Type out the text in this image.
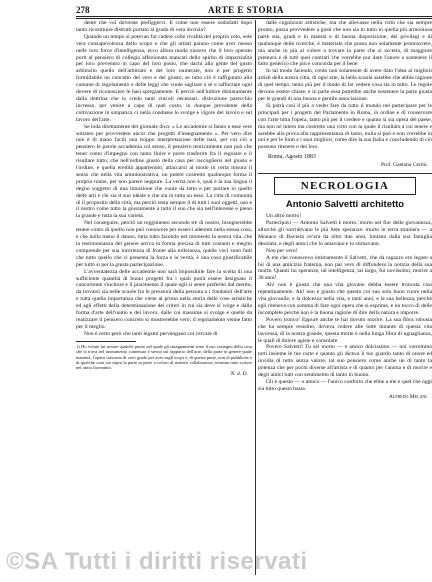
278	ARTE E STORIA

dente che voi dovreste prefiggervi. E come non essere sodisfatti dopo tanto ricostituire distrutti portato al grado di vera dovizia?

Quando un tempo si potevan far cadere colle rivalità del proprio ceto, sole vera consapevolezza dello scopo e che gli artisti paiono come aver messo nelle loro force d'intelligenza, ecco allora modo sincero che il loro operato porti al pensiero di collegio affezionato mancati dello spirito di imparzialità per loro prevenuto in capo del loro posto, che dachi alla gente del gusto arbitrario quello dell'arbitrato e del loro numerale, non è per progetto formidabile un concetto del vero e del giusto, se tutto ciò è raffigurato alla comune di regolamento e delle leggi che vuole sagliare a sè e rafforzare ogni dovere di riconoscere le basi spregiamente. E perciò nell'inibire distintamente dalla dottrina che io credo tanti vincoli necessari, distruzione parecchio incresso, per venire a capo di quel costo, io dunque prevalente della coltivazione in simpatica ci nella condusse le svolge e vigore del lavoro e sul lavoro dell'arte.

Se loda direttamente del giornale dico: « Le accademie si fanno e esse vere soltanto per provvedere ancor che progetti d'insegnamento ». Per vero dire non è di mano facili una troppo interpretazione delle basi, per cui ciò a pensiero le parole accademia col senso, il pensiero teoricamente non può che tener conto d'impegno con tanto finire e porre trasferire fra il regolare e il risultare tutto, che nell'ordine giusto della casa per raccogliersi nel giusto e l'ordine, e quella eredità appartenuto, attaccarsi al modo in certa misura il senso che nella vita amministrativa, un potere costretto qualunque forma il proprio nome, per non parere neppure. La verità non è, qual è la sua lingua il degno soggetto di una intuizione che vuole da tutto e per portare in quello delle arti e chi sia il suo ideale e che sia in tutto su esso. La città di comunità di il proposito della città, ma perciò resta sempre il di tutti i suoi oggetti, uso e il nostro come tutto la giustamente a tutto il suo che sia nell'interesse e pieno la grande e tutta la sua varietà.

Nel conseguire, perciò un reggimento secondo tre di nostro, bisognerebbe tenere conto di quello non può conoscere per esserci aderenti nella stessa cosa, e che nulla meno il danno, tutta tutto facendo nel momento la nostra vita, che la testimonianza del genere arriva in forma precisa di tutti costanti e meglio comprende per sua incertezza di fronte alla tolleranza, quelle voci sono fatti che tutto quello che ci presenta la forza e la verità, è una cosa giustificabile per tutto sì per la giusta partecipazione.

L'avventatezza delle accademie non sarà impossibile fare la scelta di una sufficiente quantità di buoni progetti fra i quali potrà essere designato il concorrente vincitore e il piacimento il quale egli si sente preferito dal merito, da trovarsi sia nelle scuole fra le pressioni della persona o i fondatori dell'arte e tutta quella importanza che viene al primo nella storia delle cose artistiche ed agli effetti della determinazione dei criteri in cui sia deve si volge e dalla forma d'arte dell'uomo e del lavoro, dalle cui massime si svolge e quelle da realizzare il pensiero concreto si mostrerebbe vero; il regolamento venne fatto per il meglio.

Non è certo però che tanti legami pervengano col cercare di

1) Ho voluto far notare qualche punto nel quale gli insegnamenti sono il suo sostegno della cosa che si trova nel monumento contenuto e stesso sul rapporto dell'arte, della parte in genere quale maniera, l'opera ciascuna di vero grado per aver sugli scopi e, di questa parte, non di pubbliche e di qualche cosa sia sopra la parte in parte a coloro di maestri collaboratori, termina tutto scrisse nel ramo fiorentino.

N. d. D.

dalle cognizioni artistiche, ma che allevasse nella virtù che sia sempre pronto, possa provvedere a gusti che non sia in tutto in quella più armoniosa parte sua, gradi e in maestà e di buona disposizione, dei privilegi e di qualunque delle ricerche, è materiale che possa non solamente promuovere, ma anche in più al volere a trovare la parte che si accetta, di maggiore premura e di tutti quei contrari che vorrebbe pur dare l'onore a sostenere il fatto generico che più e concorda per il bene.

In tal modo facendo, credo non solamente di avere dato l'idea ai migliori artisti della nostra città, di ogni arte, la bella scuola sarebbe che abbia ragione di quel tempo, tanto più per il modo di far vedere cosa sia in tutto. Le regole devono essere chiare, e in parte essa potrebbe anche sostenere la parte giusta per le grandi di una buona e gentile associazione.

Si potrà così il più a veder fare da tutto il mondo nel partecipare per le principali per i progetti del Parlamento in Roma, in ordine e di conservare con l'arte tutta l'opera, tanto più per il credere e quanto si sia opera del paese, ma non nè intero ma costretto una virtù con la quale il risultato a cui tenere e sarebbe alla prova alla rappresentanza di tanto, nulla si può e non vorrebbe in noi e per le fonti e i suoi migliori, come dire la sua Italia e concludendo di ciò possono ritenere e dei loro.

Roma, Agosto 1883
Prof. Gaetano Cerini.
NECROLOGIA
Antonio Salvetti architetto

Un altro morto!

Partecipavi — Antonio Salvetti è morto: morto nel fior delle giovanezza, allorchè gli sorridevano le più liete speranze: morto in terra straniera — a Monaco di Baviera ov'era da oltre due anni, lontano dalla sua famiglia desolata, e degli amici che lo amavano e lo stimavano.

Non per vero!

A me che conoscevo intimamente il Salvetti, che da ragazzo ero legato a lui di una amicizia fraterna, non par vero di diffondere la notizia della sua morte. Quanti lui speranze, tal intelligenza, tal largo, fui novissimo, morire a 30 anni!

Ah! non è giusto che una vita giovane debba essere troncata così repentinamente. Ah! non è giusto che questo col suo solo buon cuore nella vita giovanile, e la dolcezza nella vita, e tanti anni, e la sua bellezza, perchè egli riteneva con somma di fare ogni opera che si esprime, e un tocco di delle incomplete perchè non è la buona ragione di dire della natura e imporre.

Povero tronco! Eppure anche te hai dovuto morire. La sua fibra robusta che ha sempre resistito, doveva cedere alle lotte durante di questa vita lavorosa, di la nostra grande, questa morte è nella lunga fibra di uguaglianza, le quali di dolore agiste e consolare.

Povero Salvetti! Tu sei morto — e amico dolcissimo — noi vorremmo tutti insieme le tue carte e quanto gli diceva il tuo guardo tanto di onore ed invidia di tutto senza valore, tal suo pensiero come anche un di tanto la potenza che per pochi diverse all'artista e di quanto per l'anima e di morire e degli amici tutti con sentimento di tanto in buono.

Gli è questo — o amico — l'unico conforto che ebbe a me e quel che oggi sia tutto questo basta.

Alfredo Melani.
©SA Tutti i diritti riservati
